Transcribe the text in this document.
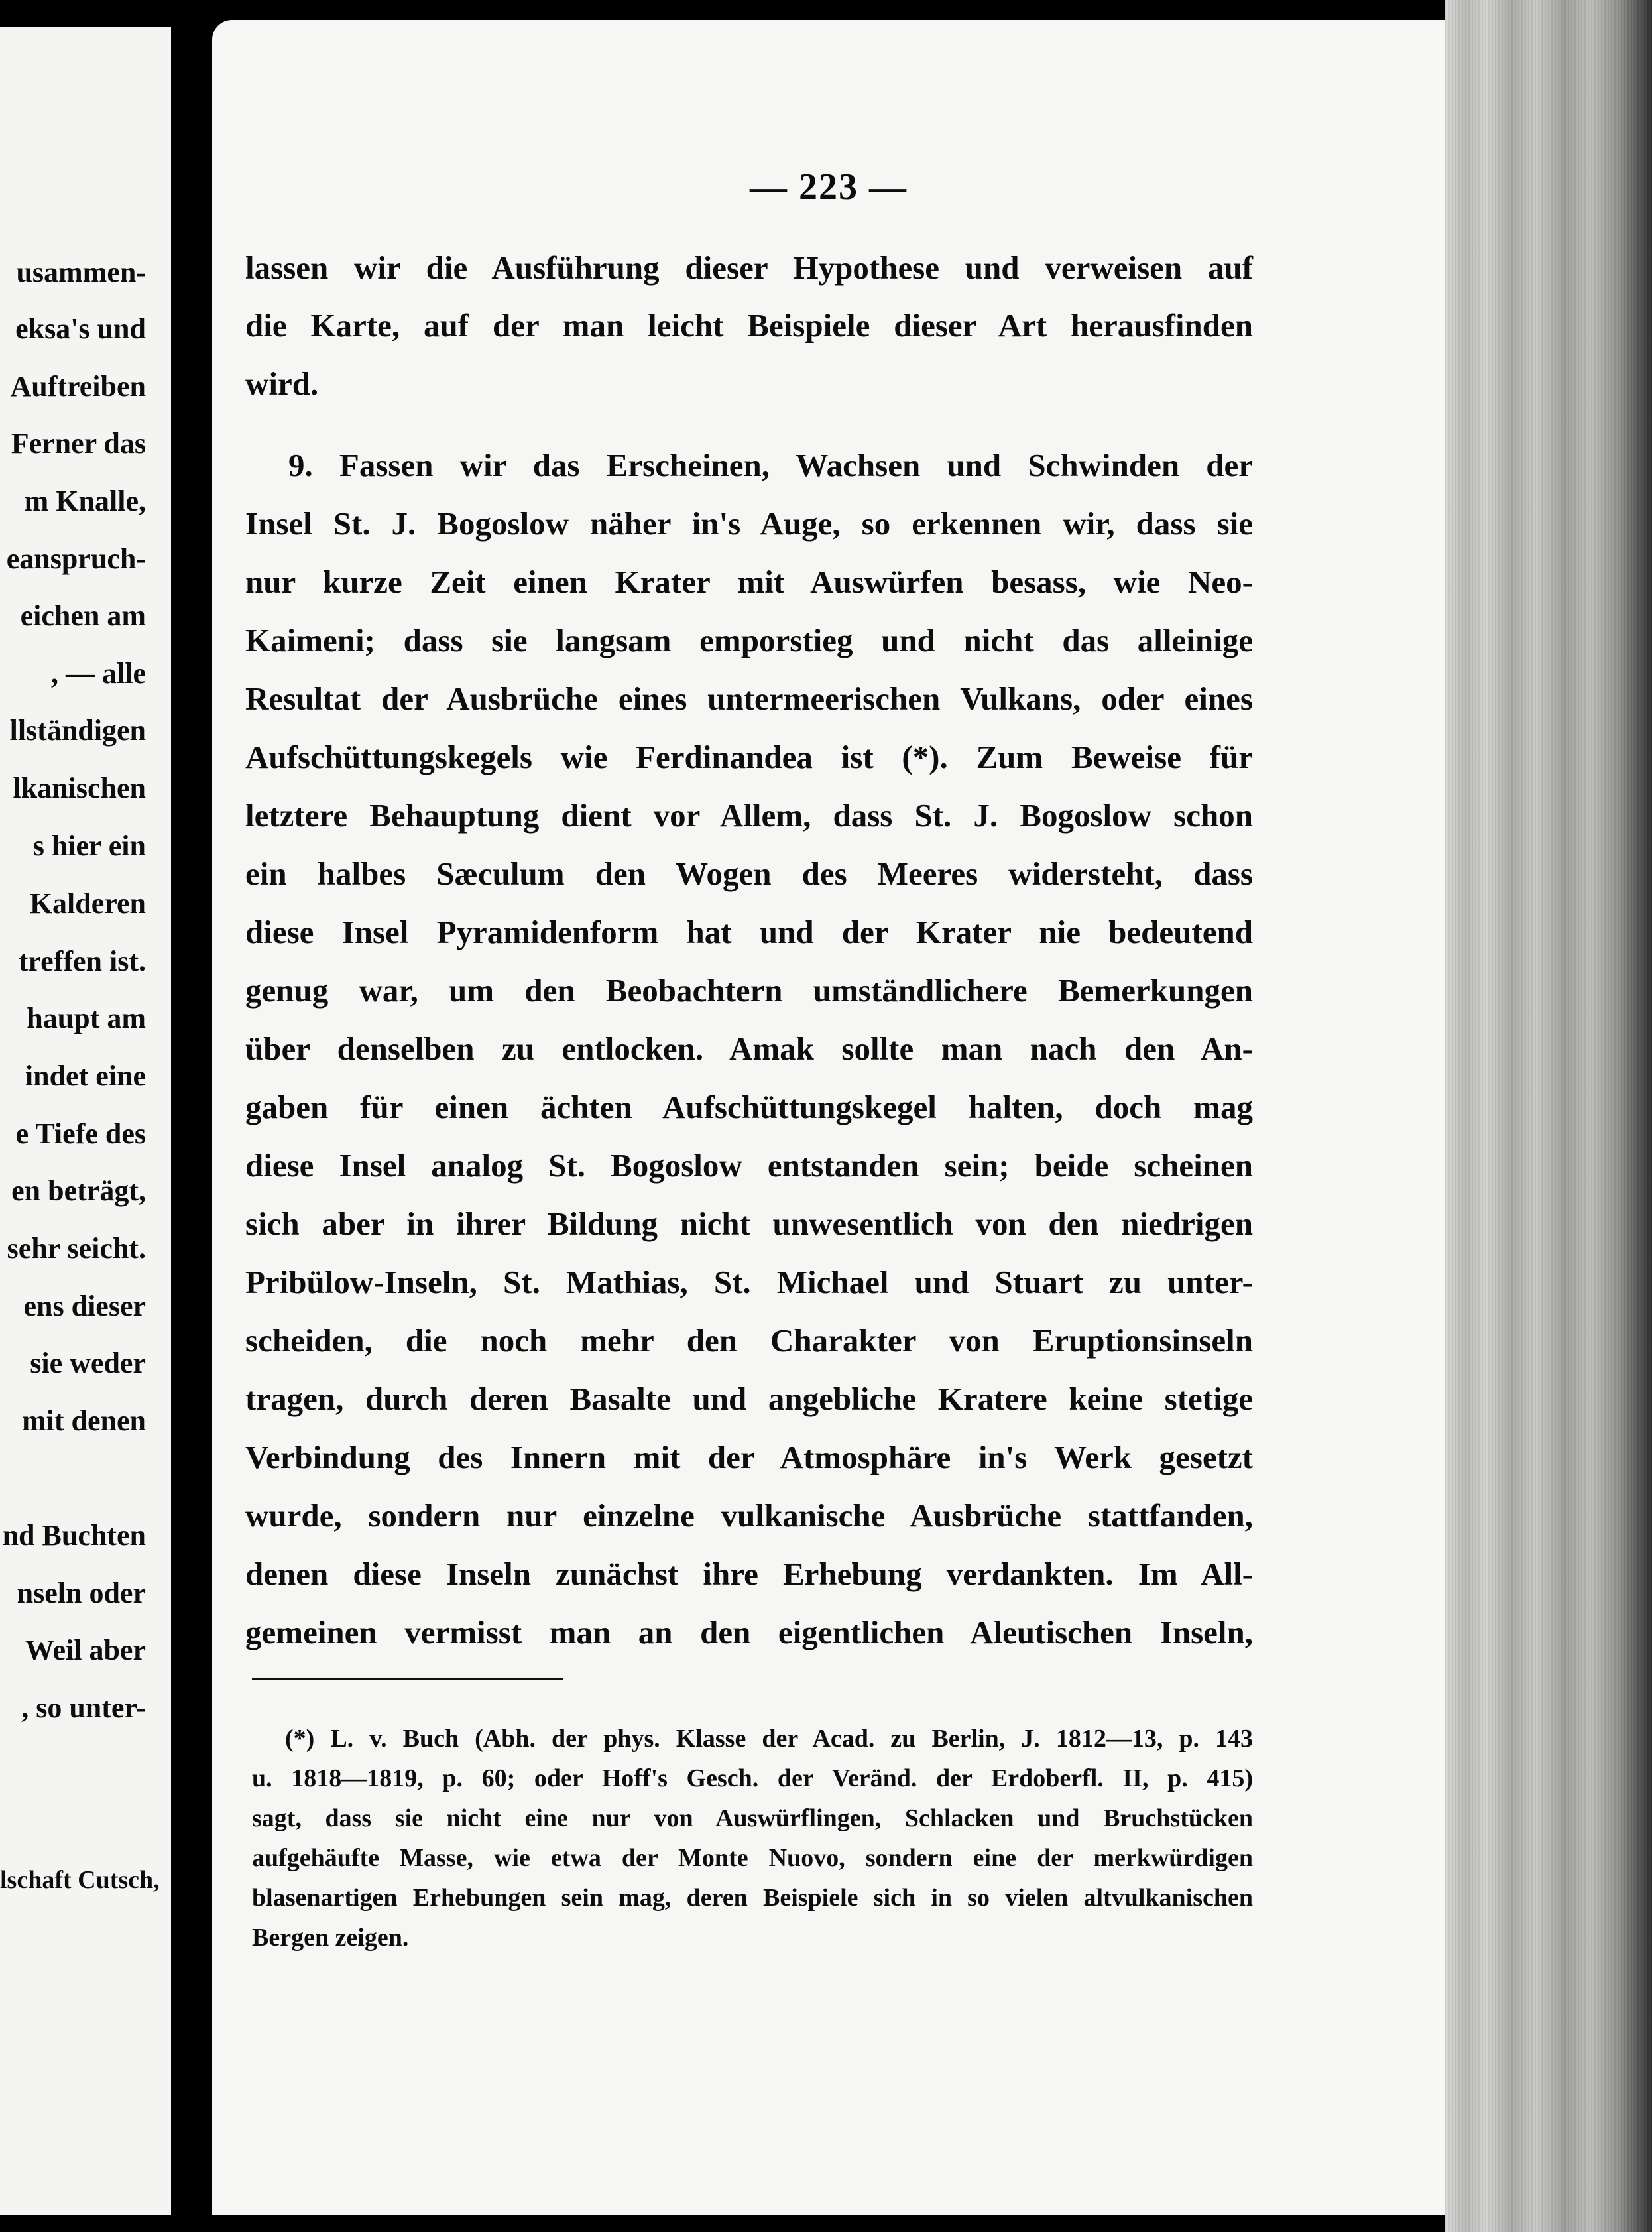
usammen-
eksa's und
Auftreiben
Ferner das
m Knalle,
eanspruch-
eichen am
, — alle
llständigen
lkanischen
s hier ein
Kalderen
treffen ist.
haupt am
indet eine
e Tiefe des
en beträgt,
sehr seicht.
ens dieser
sie weder
mit denen
nd Buchten
nseln oder
Weil aber
, so unter-
lschaft Cutsch,
— 223 —
lassen wir die Ausführung dieser Hypothese und verweisen auf
die Karte, auf der man leicht Beispiele dieser Art herausfinden
wird.
9. Fassen wir das Erscheinen, Wachsen und Schwinden der
Insel St. J. Bogoslow näher in's Auge, so erkennen wir, dass sie
nur kurze Zeit einen Krater mit Auswürfen besass, wie Neo-
Kaimeni; dass sie langsam emporstieg und nicht das alleinige
Resultat der Ausbrüche eines untermeerischen Vulkans, oder eines
Aufschüttungskegels wie Ferdinandea ist (*). Zum Beweise für
letztere Behauptung dient vor Allem, dass St. J. Bogoslow schon
ein halbes Sæculum den Wogen des Meeres widersteht, dass
diese Insel Pyramidenform hat und der Krater nie bedeutend
genug war, um den Beobachtern umständlichere Bemerkungen
über denselben zu entlocken. Amak sollte man nach den An-
gaben für einen ächten Aufschüttungskegel halten, doch mag
diese Insel analog St. Bogoslow entstanden sein; beide scheinen
sich aber in ihrer Bildung nicht unwesentlich von den niedrigen
Pribülow-Inseln, St. Mathias, St. Michael und Stuart zu unter-
scheiden, die noch mehr den Charakter von Eruptionsinseln
tragen, durch deren Basalte und angebliche Kratere keine stetige
Verbindung des Innern mit der Atmosphäre in's Werk gesetzt
wurde, sondern nur einzelne vulkanische Ausbrüche stattfanden,
denen diese Inseln zunächst ihre Erhebung verdankten. Im All-
gemeinen vermisst man an den eigentlichen Aleutischen Inseln,
(*) L. v. Buch (Abh. der phys. Klasse der Acad. zu Berlin, J. 1812—13, p. 143
u. 1818—1819, p. 60; oder Hoff's Gesch. der Veränd. der Erdoberfl. II, p. 415)
sagt, dass sie nicht eine nur von Auswürflingen, Schlacken und Bruchstücken
aufgehäufte Masse, wie etwa der Monte Nuovo, sondern eine der merkwürdigen
blasenartigen Erhebungen sein mag, deren Beispiele sich in so vielen altvulkanischen
Bergen zeigen.
